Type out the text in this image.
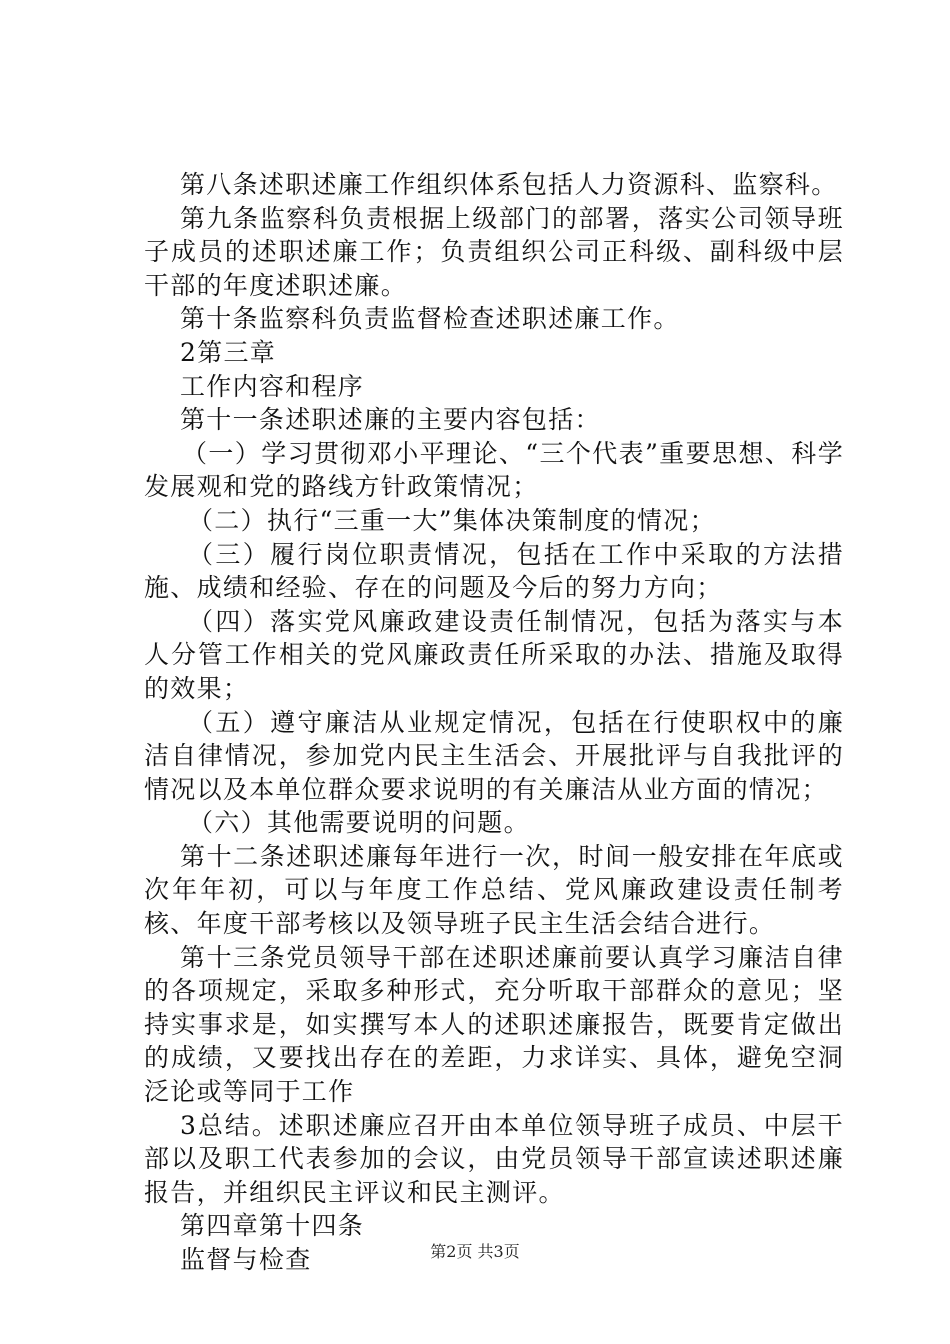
第八条述职述廉工作组织体系包括人力资源科、监察科。

第九条监察科负责根据上级部门的部署，落实公司领导班子成员的述职述廉工作；负责组织公司正科级、副科级中层干部的年度述职述廉。

第十条监察科负责监督检查述职述廉工作。

2第三章

工作内容和程序

第十一条述职述廉的主要内容包括：

（一）学习贯彻邓小平理论、“三个代表”重要思想、科学发展观和党的路线方针政策情况；

（二）执行“三重一大”集体决策制度的情况；

（三）履行岗位职责情况，包括在工作中采取的方法措施、成绩和经验、存在的问题及今后的努力方向；

（四）落实党风廉政建设责任制情况，包括为落实与本人分管工作相关的党风廉政责任所采取的办法、措施及取得的效果；

（五）遵守廉洁从业规定情况，包括在行使职权中的廉洁自律情况，参加党内民主生活会、开展批评与自我批评的情况以及本单位群众要求说明的有关廉洁从业方面的情况；

（六）其他需要说明的问题。

第十二条述职述廉每年进行一次，时间一般安排在年底或次年年初，可以与年度工作总结、党风廉政建设责任制考核、年度干部考核以及领导班子民主生活会结合进行。

第十三条党员领导干部在述职述廉前要认真学习廉洁自律的各项规定，采取多种形式，充分听取干部群众的意见；坚持实事求是，如实撰写本人的述职述廉报告，既要肯定做出的成绩，又要找出存在的差距，力求详实、具体，避免空洞泛论或等同于工作

3总结。述职述廉应召开由本单位领导班子成员、中层干部以及职工代表参加的会议，由党员领导干部宣读述职述廉报告，并组织民主评议和民主测评。

第四章第十四条

监督与检查	第2页 共3页
